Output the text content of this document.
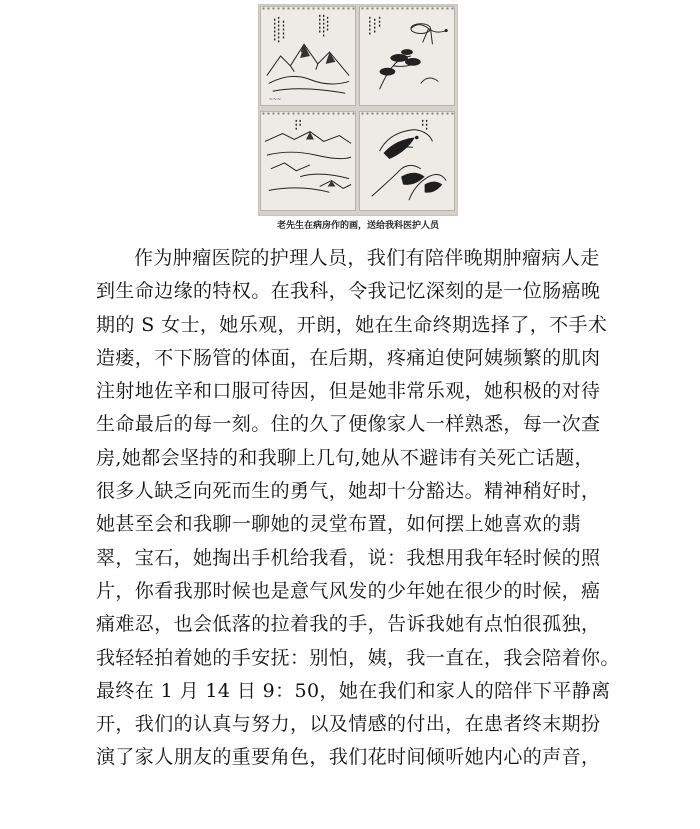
~~~
老先生在病房作的画，送给我科医护人员
作为肿瘤医院的护理人员，我们有陪伴晚期肿瘤病人走
到生命边缘的特权。在我科，令我记忆深刻的是一位肠癌晚
期的 S 女士，她乐观，开朗，她在生命终期选择了，不手术
造瘘，不下肠管的体面，在后期，疼痛迫使阿姨频繁的肌肉
注射地佐辛和口服可待因，但是她非常乐观，她积极的对待
生命最后的每一刻。住的久了便像家人一样熟悉，每一次查
房,她都会坚持的和我聊上几句,她从不避讳有关死亡话题，
很多人缺乏向死而生的勇气，她却十分豁达。精神稍好时，
她甚至会和我聊一聊她的灵堂布置，如何摆上她喜欢的翡
翠，宝石，她掏出手机给我看，说：我想用我年轻时候的照
片，你看我那时候也是意气风发的少年她在很少的时候，癌
痛难忍，也会低落的拉着我的手，告诉我她有点怕很孤独，
我轻轻拍着她的手安抚：别怕，姨，我一直在，我会陪着你。
最终在 1 月 14 日 9：50，她在我们和家人的陪伴下平静离
开，我们的认真与努力，以及情感的付出，在患者终末期扮
演了家人朋友的重要角色，我们花时间倾听她内心的声音，
